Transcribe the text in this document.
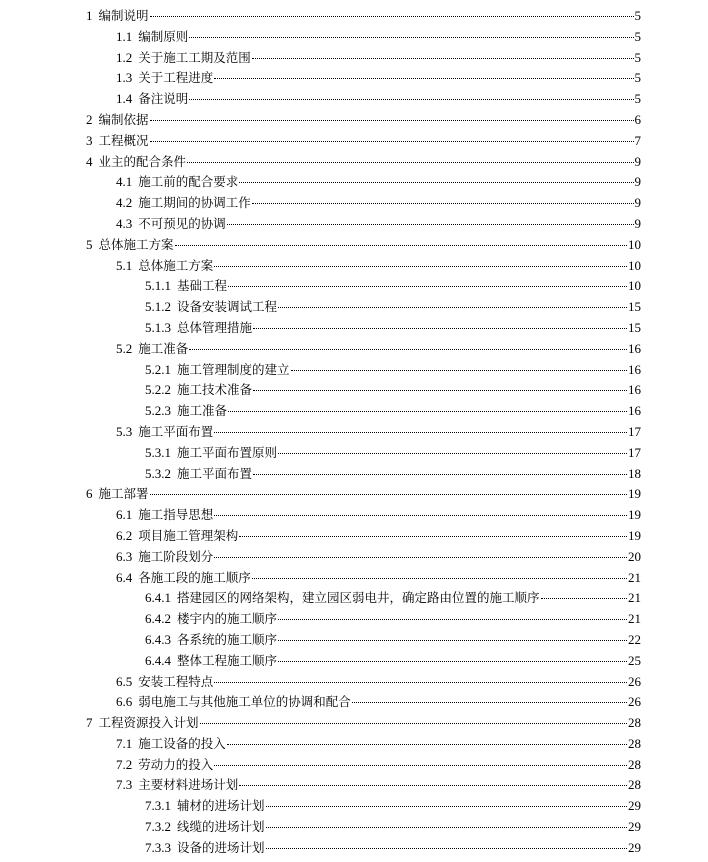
1 编制说明	5
1.1 编制原则	5
1.2 关于施工工期及范围	5
1.3 关于工程进度	5
1.4 备注说明	5
2 编制依据	6
3 工程概况	7
4 业主的配合条件	9
4.1 施工前的配合要求	9
4.2 施工期间的协调工作	9
4.3 不可预见的协调	9
5 总体施工方案	10
5.1 总体施工方案	10
5.1.1 基础工程	10
5.1.2 设备安装调试工程	15
5.1.3 总体管理措施	15
5.2 施工准备	16
5.2.1 施工管理制度的建立	16
5.2.2 施工技术准备	16
5.2.3 施工准备	16
5.3 施工平面布置	17
5.3.1 施工平面布置原则	17
5.3.2 施工平面布置	18
6 施工部署	19
6.1 施工指导思想	19
6.2 项目施工管理架构	19
6.3 施工阶段划分	20
6.4 各施工段的施工顺序	21
6.4.1 搭建园区的网络架构，建立园区弱电井，确定路由位置的施工顺序	21
6.4.2 楼宇内的施工顺序	21
6.4.3 各系统的施工顺序	22
6.4.4 整体工程施工顺序	25
6.5 安装工程特点	26
6.6 弱电施工与其他施工单位的协调和配合	26
7 工程资源投入计划	28
7.1 施工设备的投入	28
7.2 劳动力的投入	28
7.3 主要材料进场计划	28
7.3.1 辅材的进场计划	29
7.3.2 线缆的进场计划	29
7.3.3 设备的进场计划	29
